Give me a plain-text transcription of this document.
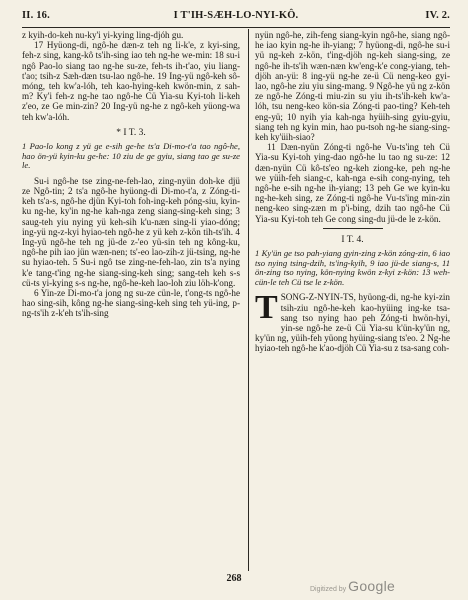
II. 16.	I T'IH-SÆH-LO-NYI-KÔ.	IV. 2.

z kyih-do-keh nu-ky'i yi-kying ling-djóh gu.

17 Hyüong-di, ngô-he dæn-z teh ng li-k'e, z kyi-sing, feh-z sing, kang-kô ts'ih-sing iao teh ng-he we-min: 18 su-i ngô Pao-lo siang tao ng-he su-ze, feh-ts ih-t'ao, yiu liang-t'ao; tsih-z Sæh-dæn tsu-lao ngô-he. 19 Ing-yü ngô-keh sô-móng, teh kw'a-lóh, teh kao-hying-keh kwön-min, z sah-m? Ky'i feh-z ng-he tao ngô-he Cü Yia-su Kyi-toh li-keh z'eo, ze Ge min-zin? 20 Ing-yü ng-he z ngô-keh yüong-wa teh kw'a-lóh.

* I T. 3.

1 Pao-lo kong z yü ge e-sih ge-he ts'a Di-mo-t'a tao ngô-he, hao ön-yü kyin-ku ge-he: 10 ziu de ge gyiu, siang tao ge su-ze le.

Su-i ngô-he tse zing-ne-feh-lao, zing-nyün doh-ke djü ze Ngô-tin; 2 ts'a ngô-he hyüong-di Di-mo-t'a, z Zóng-ti-keh ts'a-s, ngô-he djün Kyi-toh foh-ing-keh póng-siu, kyin-ku ng-he, ky'in ng-he kah-nga zeng siang-sing-keh sing; 3 saug-teh yiu nying yü keh-sih k'u-næn sing-li yiao-dóng; ing-yü ng-z-kyi hyiao-teh ngô-he z yü keh z-kön tih-ts'ih. 4 Ing-yü ngô-he teh ng jü-de z-'eo yü-sin teh ng kông-ku, ngô-he pih iao jün wæn-nen; ts'-eo lao-zih-z jü-tsing, ng-he su hyiao-teh. 5 Su-i ngô tse zing-ne-feh-lao, zin ts'a nying k'e tang-t'ing ng-he siang-sing-keh sing; sang-teh keh s-s cü-ts yi-kying s-s ng-he, ngô-he-keh lao-loh ziu löh-k'ong.

6 Yin-ze Di-mo-t'a jong ng su-ze cün-le, t'ong-ts ngô-he hao sing-sih, kông ng-he siang-sing-keh sing teh yü-ing, p-ng-ts'ih z-k'eh ts'ih-sing

nyün ngô-he, zih-feng siang-kyin ngô-he, siang ngô-he iao kyin ng-he ih-yiang; 7 hyüong-di, ngô-he su-i yü ng-keh z-kön, t'ing-djöh ng-keh siang-sing, ze ngô-he ih-ts'ih wæn-næn kw'eng-k'e cong-yiang, teh-djöh an-yü: 8 ing-yü ng-he ze-ü Cü neng-keo gyi-lao, ngô-he ziu yiu sing-mang. 9 Ngô-he yü ng z-kön ze ngô-he Zóng-ti miu-zin su yiu ih-ts'ih-keh kw'a-lóh, tsu neng-keo kön-sia Zóng-ti pao-ting? Keh-teh eng-yü; 10 nyih yia kah-nga hyüih-sing gyiu-gyiu, siang teh ng kyin min, hao pu-tsoh ng-he siang-sing-keh ky'üih-siao?

11 Dæn-nyün Zóng-ti ngô-he Vu-ts'ing teh Cü Yia-su Kyi-toh ying-dao ngô-he lu tao ng su-ze: 12 dæn-nyün Cü kô-ts'eo ng-keh ziong-ke, peh ng-he we yüih-feh siang-c, kah-nga e-sih cong-nying, teh ngô-he e-sih ng-he ih-yiang; 13 peh Ge we kyin-ku ng-he-keh sing, ze Zóng-ti ngô-he Vu-ts'ing min-zin neng-keo sing-zæn m p'i-bing, dzih tao ngô-he Cü Yia-su Kyi-toh teh Ge cong sing-du jü-de le z-kön.

I T. 4.

1 Ky'ün ge tso pah-yiang gyin-zing z-kön zóng-zin, 6 iao tso nying tsing-dzih, ts'ing-kyih, 9 iao jü-de siang-s, 11 ön-zing tso nying, kön-nying kwön z-kyi z-kön: 13 weh-cün-le teh Cü tse le z-kön.

TSONG-Z-NYIN-TS, hyüong-di, ng-he kyi-zin tsih-ziu ngô-he-keh kao-hyüing ing-ke tsa-sang tso nying hao peh Zóng-ti hwön-hyi, yin-se ngô-he ze-ü Cü Yia-su k'ün-ky'ün ng, ky'ün ng, yüih-feh yüong hyüing-siang ts'eo. 2 Ng-he hyiao-teh ngô-he k'ao-djöh Cü Yia-su z tsa-sang coh-

268
Digitized by Google
